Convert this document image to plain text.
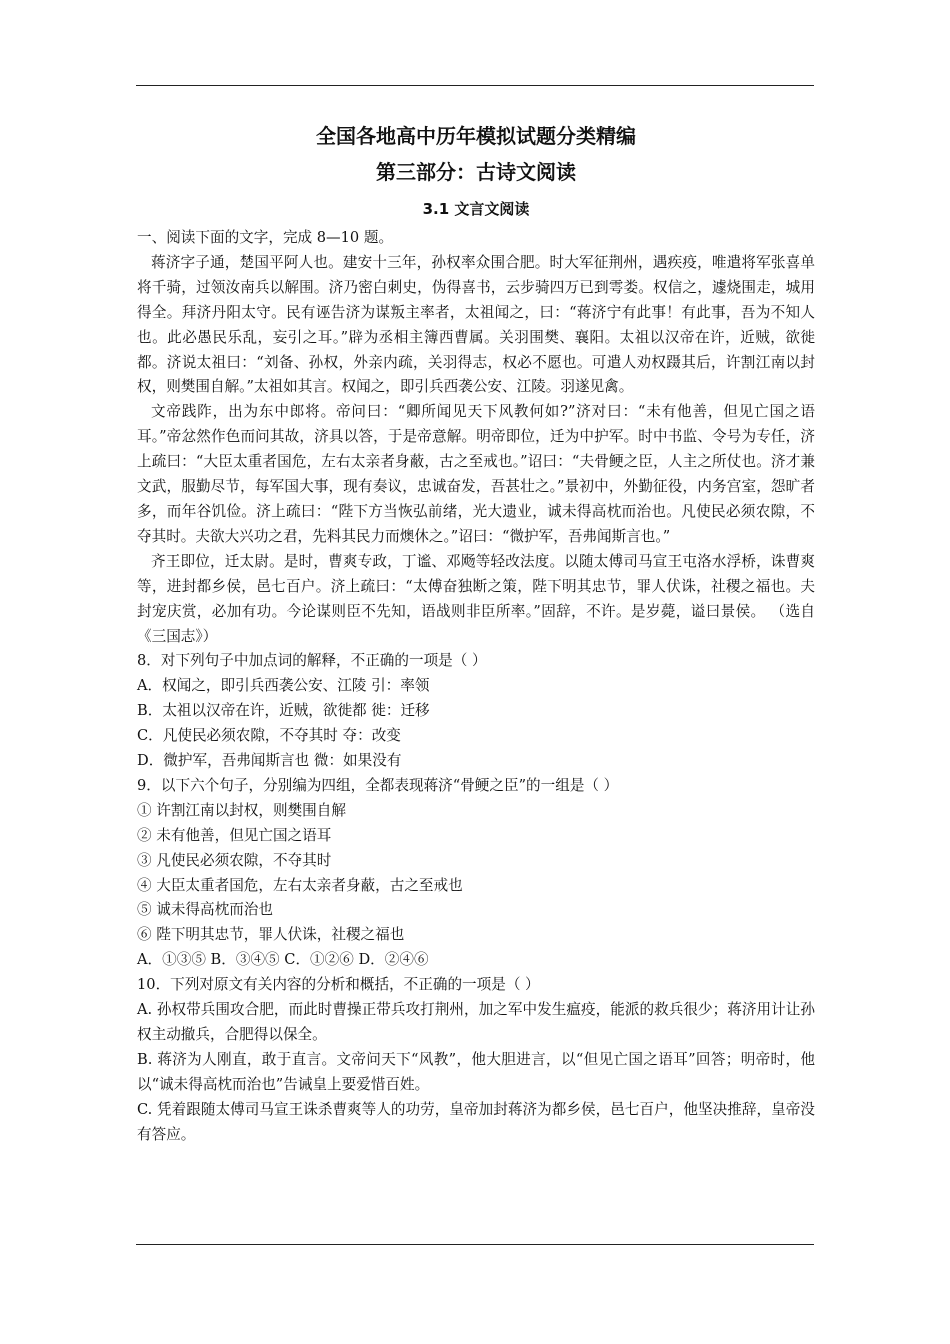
全国各地高中历年模拟试题分类精编
第三部分：古诗文阅读
3.1 文言文阅读

一、阅读下面的文字，完成 8—10 题。

蒋济字子通，楚国平阿人也。建安十三年，孙权率众围合肥。时大军征荆州，遇疾疫，唯遣将军张喜单将千骑，过领汝南兵以解围。济乃密白刺史，伪得喜书，云步骑四万已到雩娄。权信之，遽烧围走，城用得全。拜济丹阳太守。民有诬告济为谋叛主率者，太祖闻之，曰：“蒋济宁有此事！有此事，吾为不知人也。此必愚民乐乱，妄引之耳。”辟为丞相主簿西曹属。关羽围樊、襄阳。太祖以汉帝在许，近贼，欲徙都。济说太祖曰：“刘备、孙权，外亲内疏，关羽得志，权必不愿也。可遣人劝权蹑其后，许割江南以封权，则樊围自解。”太祖如其言。权闻之，即引兵西袭公安、江陵。羽遂见禽。

文帝践阼，出为东中郎将。帝问曰：“卿所闻见天下风教何如?”济对曰：“未有他善，但见亡国之语耳。”帝忿然作色而问其故，济具以答，于是帝意解。明帝即位，迁为中护军。时中书监、令号为专任，济上疏曰：“大臣太重者国危，左右太亲者身蔽，古之至戒也。”诏曰：“夫骨鲠之臣，人主之所仗也。济才兼文武，服勤尽节，每军国大事，现有奏议，忠诚奋发，吾甚壮之。”景初中，外勤征役，内务宫室，怨旷者多，而年谷饥俭。济上疏曰：“陛下方当恢弘前绪，光大遗业，诚未得高枕而治也。凡使民必须农隙，不夺其时。夫欲大兴功之君，先料其民力而燠休之。”诏曰：“微护军，吾弗闻斯言也。”

齐王即位，迁太尉。是时，曹爽专政，丁谧、邓飏等轻改法度。以随太傅司马宣王屯洛水浮桥，诛曹爽等，进封都乡侯，邑七百户。济上疏曰：“太傅奋独断之策，陛下明其忠节，罪人伏诛，社稷之福也。夫封宠庆赏，必加有功。今论谋则臣不先知，语战则非臣所率。”固辞，不许。是岁薨，谥曰景侯。 （选自《三国志》）

8．对下列句子中加点词的解释，不正确的一项是（ ）

A．权闻之，即引兵西袭公安、江陵 引：率领

B．太祖以汉帝在许，近贼，欲徙都 徙：迁移

C．凡使民必须农隙，不夺其时 夺：改变

D．微护军，吾弗闻斯言也 微：如果没有

9．以下六个句子，分别编为四组，全都表现蒋济“骨鲠之臣”的一组是（ ）

① 许割江南以封权，则樊围自解

② 未有他善，但见亡国之语耳

③ 凡使民必须农隙，不夺其时

④ 大臣太重者国危，左右太亲者身蔽，古之至戒也

⑤ 诚未得高枕而治也

⑥ 陛下明其忠节，罪人伏诛，社稷之福也

A．①③⑤ B．③④⑤ C．①②⑥ D．②④⑥

10．下列对原文有关内容的分析和概括，不正确的一项是（ ）

A. 孙权带兵围攻合肥，而此时曹操正带兵攻打荆州，加之军中发生瘟疫，能派的救兵很少；蒋济用计让孙权主动撤兵，合肥得以保全。

B. 蒋济为人刚直，敢于直言。文帝问天下“风教”，他大胆进言，以“但见亡国之语耳”回答；明帝时，他以“诚未得高枕而治也”告诫皇上要爱惜百姓。

C. 凭着跟随太傅司马宣王诛杀曹爽等人的功劳，皇帝加封蒋济为都乡侯，邑七百户，他坚决推辞，皇帝没有答应。
